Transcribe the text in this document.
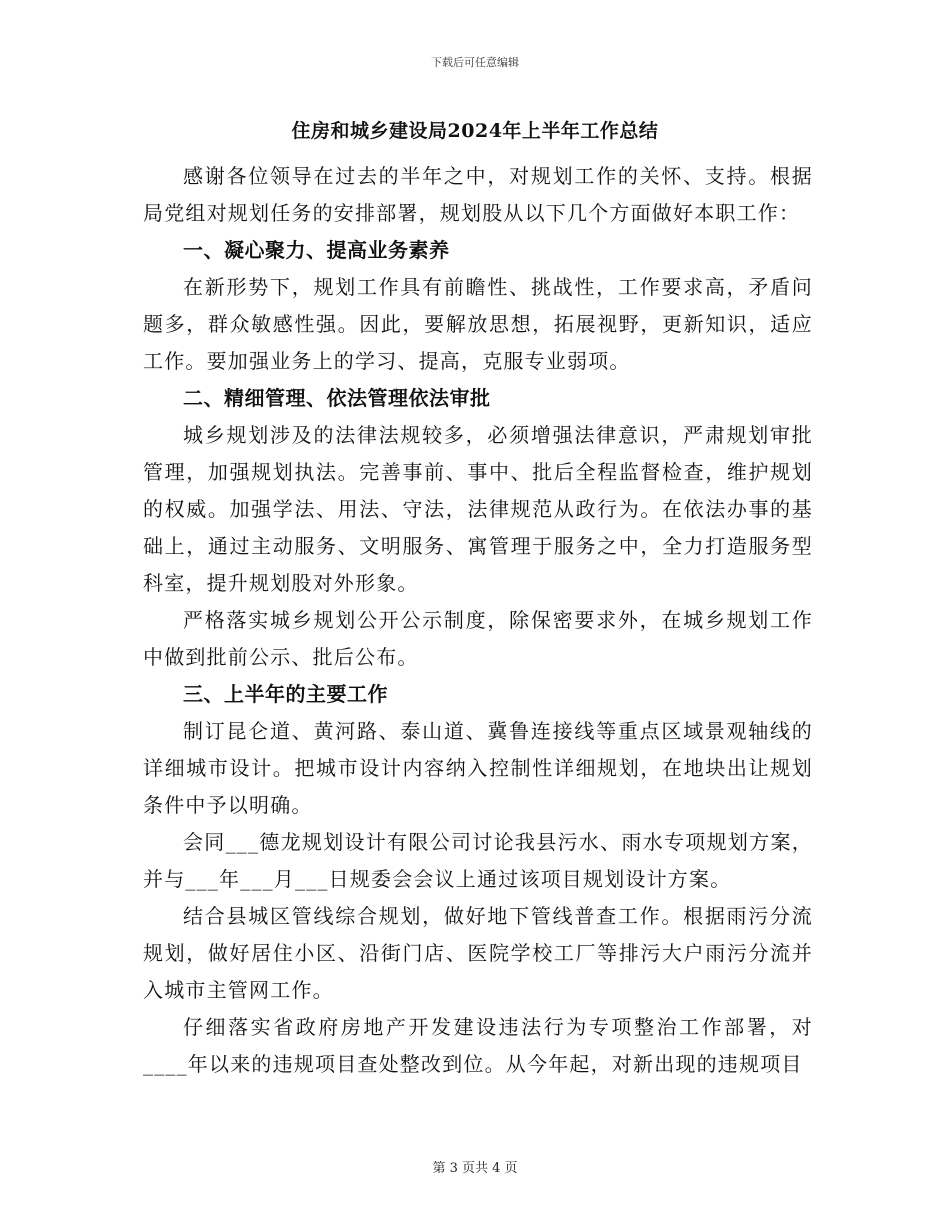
下载后可任意编辑
住房和城乡建设局2024年上半年工作总结

感谢各位领导在过去的半年之中，对规划工作的关怀、支持。根据局党组对规划任务的安排部署，规划股从以下几个方面做好本职工作：

一、凝心聚力、提高业务素养

在新形势下，规划工作具有前瞻性、挑战性，工作要求高，矛盾问题多，群众敏感性强。因此，要解放思想，拓展视野，更新知识，适应工作。要加强业务上的学习、提高，克服专业弱项。

二、精细管理、依法管理依法审批

城乡规划涉及的法律法规较多，必须增强法律意识，严肃规划审批管理，加强规划执法。完善事前、事中、批后全程监督检查，维护规划的权威。加强学法、用法、守法，法律规范从政行为。在依法办事的基础上，通过主动服务、文明服务、寓管理于服务之中，全力打造服务型科室，提升规划股对外形象。

严格落实城乡规划公开公示制度，除保密要求外，在城乡规划工作中做到批前公示、批后公布。

三、上半年的主要工作

制订昆仑道、黄河路、泰山道、冀鲁连接线等重点区域景观轴线的详细城市设计。把城市设计内容纳入控制性详细规划，在地块出让规划条件中予以明确。

会同___德龙规划设计有限公司讨论我县污水、雨水专项规划方案，并与___年___月___日规委会会议上通过该项目规划设计方案。

结合县城区管线综合规划，做好地下管线普查工作。根据雨污分流规划，做好居住小区、沿街门店、医院学校工厂等排污大户雨污分流并入城市主管网工作。

仔细落实省政府房地产开发建设违法行为专项整治工作部署，对____年以来的违规项目查处整改到位。从今年起，对新出现的违规项目

第 3 页共 4 页
